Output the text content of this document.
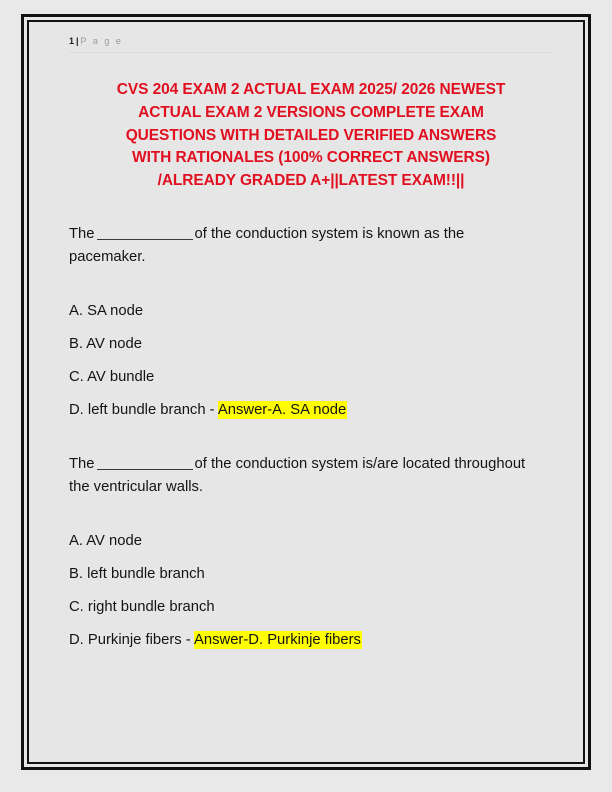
1 | P a g e
CVS 204 EXAM 2 ACTUAL EXAM 2025/ 2026 NEWEST
ACTUAL EXAM 2 VERSIONS COMPLETE EXAM
QUESTIONS WITH DETAILED VERIFIED ANSWERS
WITH RATIONALES (100% CORRECT ANSWERS)
/ALREADY GRADED A+||LATEST EXAM!!||

The	of the conduction system is known as the pacemaker.

A. SA node
B. AV node
C. AV bundle
D. left bundle branch - Answer-A. SA node

The	of the conduction system is/are located throughout the ventricular walls.

A. AV node
B. left bundle branch
C. right bundle branch
D. Purkinje fibers - Answer-D. Purkinje fibers
